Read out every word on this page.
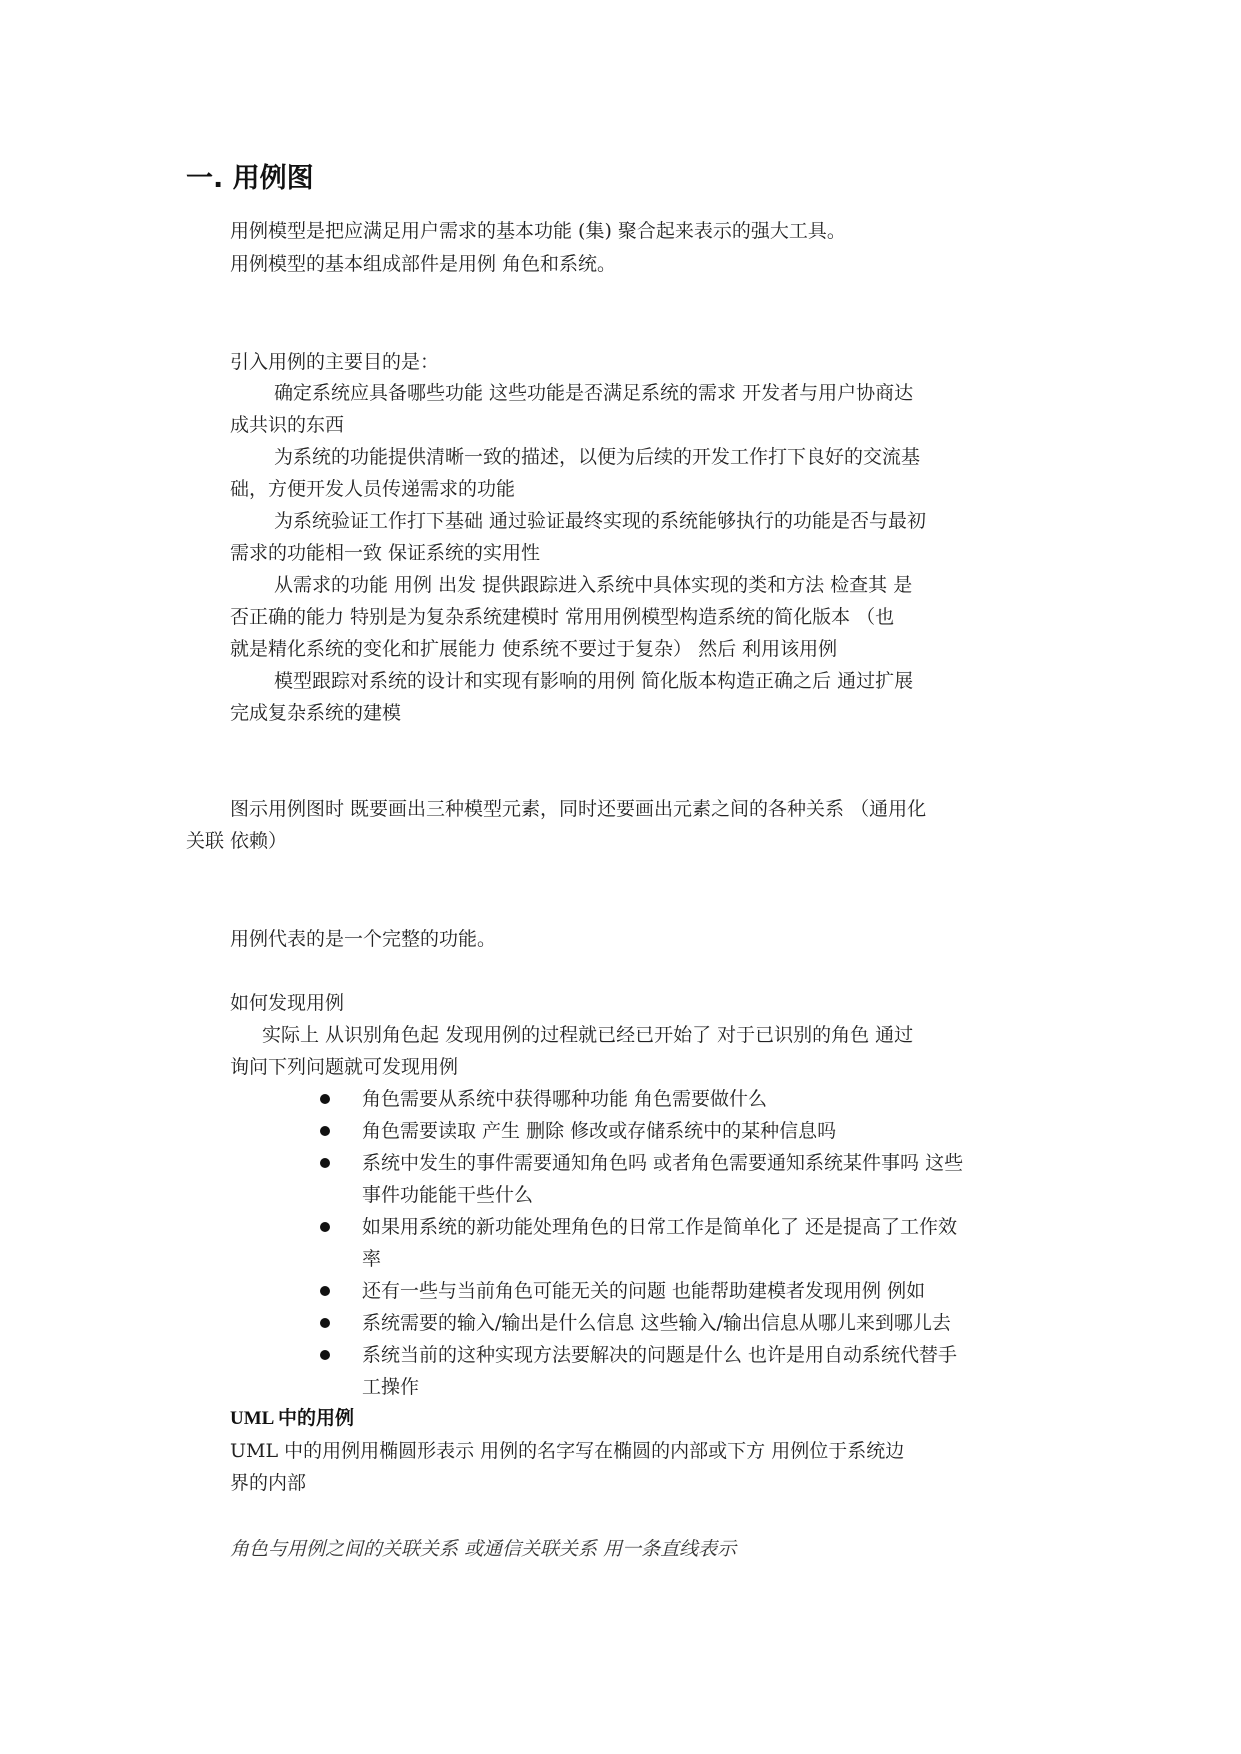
一. 用例图
用例模型是把应满足用户需求的基本功能 (集) 聚合起来表示的强大工具。
用例模型的基本组成部件是用例 角色和系统。
引入用例的主要目的是：
确定系统应具备哪些功能 这些功能是否满足系统的需求 开发者与用户协商达
成共识的东西
为系统的功能提供清晰一致的描述，以便为后续的开发工作打下良好的交流基
础，方便开发人员传递需求的功能
为系统验证工作打下基础 通过验证最终实现的系统能够执行的功能是否与最初
需求的功能相一致 保证系统的实用性
从需求的功能 用例 出发 提供跟踪进入系统中具体实现的类和方法 检查其 是
否正确的能力 特别是为复杂系统建模时 常用用例模型构造系统的简化版本 （也
就是精化系统的变化和扩展能力 使系统不要过于复杂） 然后 利用该用例
模型跟踪对系统的设计和实现有影响的用例 简化版本构造正确之后 通过扩展
完成复杂系统的建模
图示用例图时 既要画出三种模型元素，同时还要画出元素之间的各种关系 （通用化
关联 依赖）
用例代表的是一个完整的功能。
如何发现用例
实际上 从识别角色起 发现用例的过程就已经已开始了 对于已识别的角色 通过
询问下列问题就可发现用例
角色需要从系统中获得哪种功能 角色需要做什么
角色需要读取 产生 删除 修改或存储系统中的某种信息吗
系统中发生的事件需要通知角色吗 或者角色需要通知系统某件事吗 这些
事件功能能干些什么
如果用系统的新功能处理角色的日常工作是简单化了 还是提高了工作效
率
还有一些与当前角色可能无关的问题 也能帮助建模者发现用例 例如
系统需要的输入/输出是什么信息 这些输入/输出信息从哪儿来到哪儿去
系统当前的这种实现方法要解决的问题是什么 也许是用自动系统代替手
工操作
UML 中的用例
UML 中的用例用椭圆形表示 用例的名字写在椭圆的内部或下方 用例位于系统边
界的内部
角色与用例之间的关联关系 或通信关联关系 用一条直线表示
